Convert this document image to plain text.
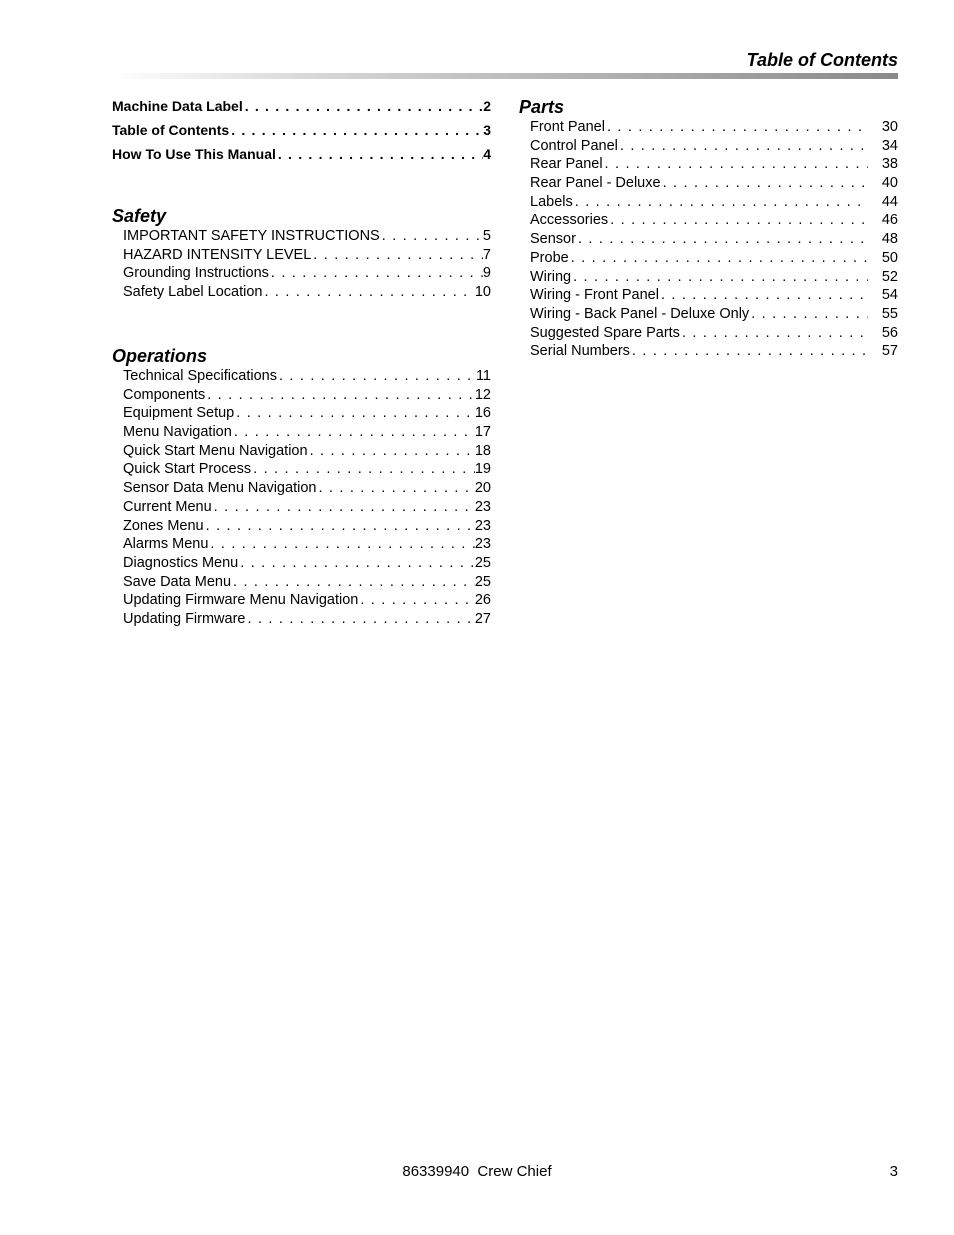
Table of Contents
Machine Data Label . . .	2
Table of Contents . . .	3
How To Use This Manual . . .	4
Safety
IMPORTANT SAFETY INSTRUCTIONS . . .	5
HAZARD INTENSITY LEVEL . . .	7
Grounding Instructions . . .	9
Safety Label Location . . .	10
Operations
Technical Specifications . . .	11
Components . . .	12
Equipment Setup . . .	16
Menu Navigation . . .	17
Quick Start Menu Navigation . . .	18
Quick Start Process . . .	19
Sensor Data Menu Navigation . . .	20
Current Menu . . .	23
Zones Menu . . .	23
Alarms Menu . . .	23
Diagnostics Menu . . .	25
Save Data Menu . . .	25
Updating Firmware Menu Navigation . . .	26
Updating Firmware . . .	27
Parts
Front Panel . . .	30
Control Panel . . .	34
Rear Panel . . .	38
Rear Panel - Deluxe . . .	40
Labels . . .	44
Accessories . . .	46
Sensor . . .	48
Probe . . .	50
Wiring . . .	52
Wiring - Front Panel . . .	54
Wiring - Back Panel - Deluxe Only . . .	55
Suggested Spare Parts . . .	56
Serial Numbers . . .	57
86339940  Crew Chief	3
